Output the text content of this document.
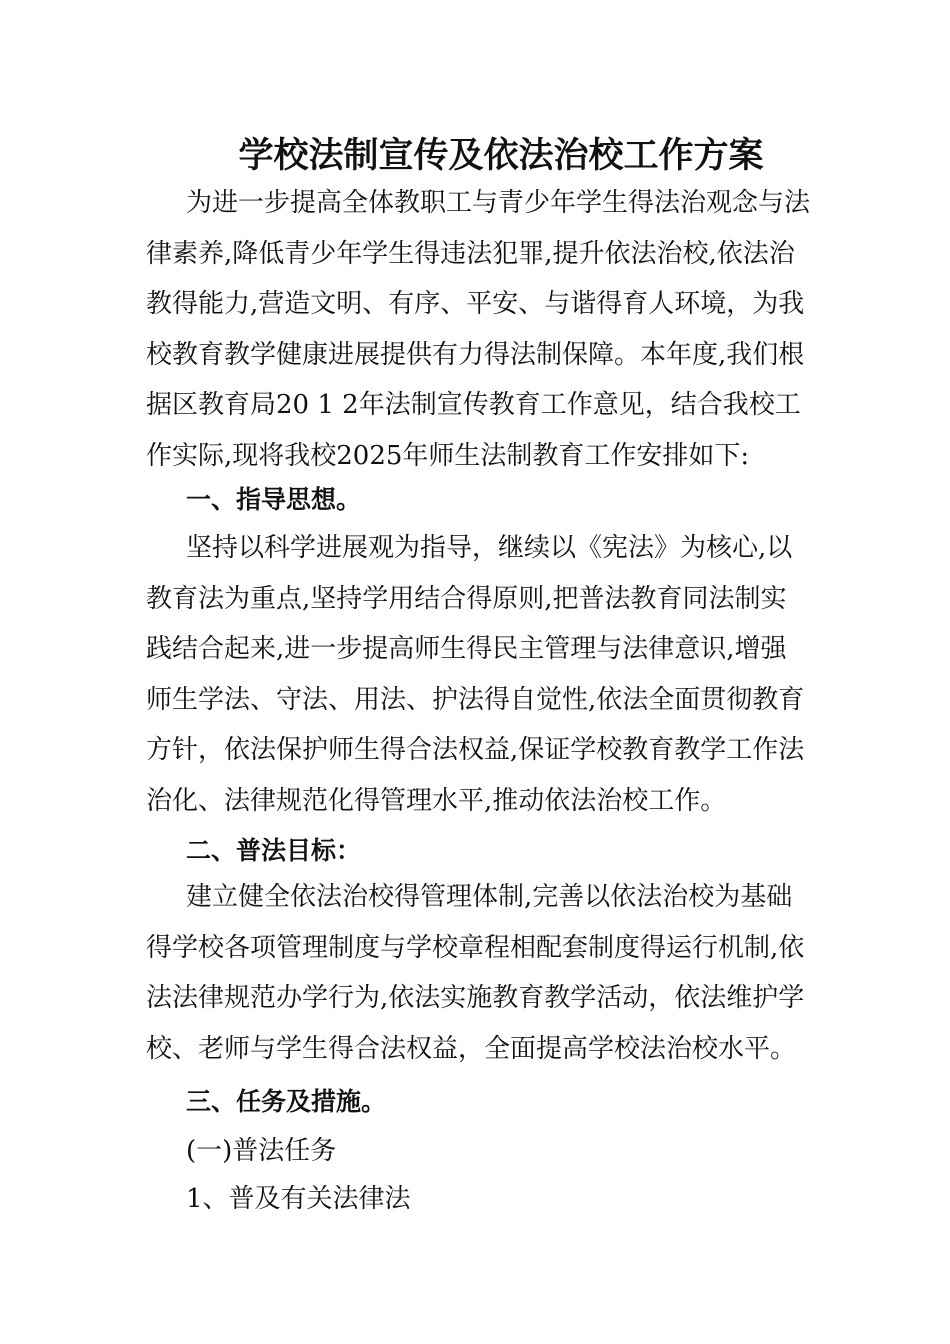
学校法制宣传及依法治校工作方案
为进一步提高全体教职工与青少年学生得法治观念与法
律素养,降低青少年学生得违法犯罪,提升依法治校,依法治
教得能力,营造文明、有序、平安、与谐得育人环境，为我
校教育教学健康进展提供有力得法制保障。本年度,我们根
据区教育局20 1 2年法制宣传教育工作意见，结合我校工
作实际,现将我校2025年师生法制教育工作安排如下:
一、指导思想。
坚持以科学进展观为指导，继续以《宪法》为核心,以
教育法为重点,坚持学用结合得原则,把普法教育同法制实
践结合起来,进一步提高师生得民主管理与法律意识,增强
师生学法、守法、用法、护法得自觉性,依法全面贯彻教育
方针，依法保护师生得合法权益,保证学校教育教学工作法
治化、法律规范化得管理水平,推动依法治校工作。
二、普法目标：
建立健全依法治校得管理体制,完善以依法治校为基础
得学校各项管理制度与学校章程相配套制度得运行机制,依
法法律规范办学行为,依法实施教育教学活动，依法维护学
校、老师与学生得合法权益，全面提高学校法治校水平。
三、任务及措施。
(一)普法任务
1、普及有关法律法
